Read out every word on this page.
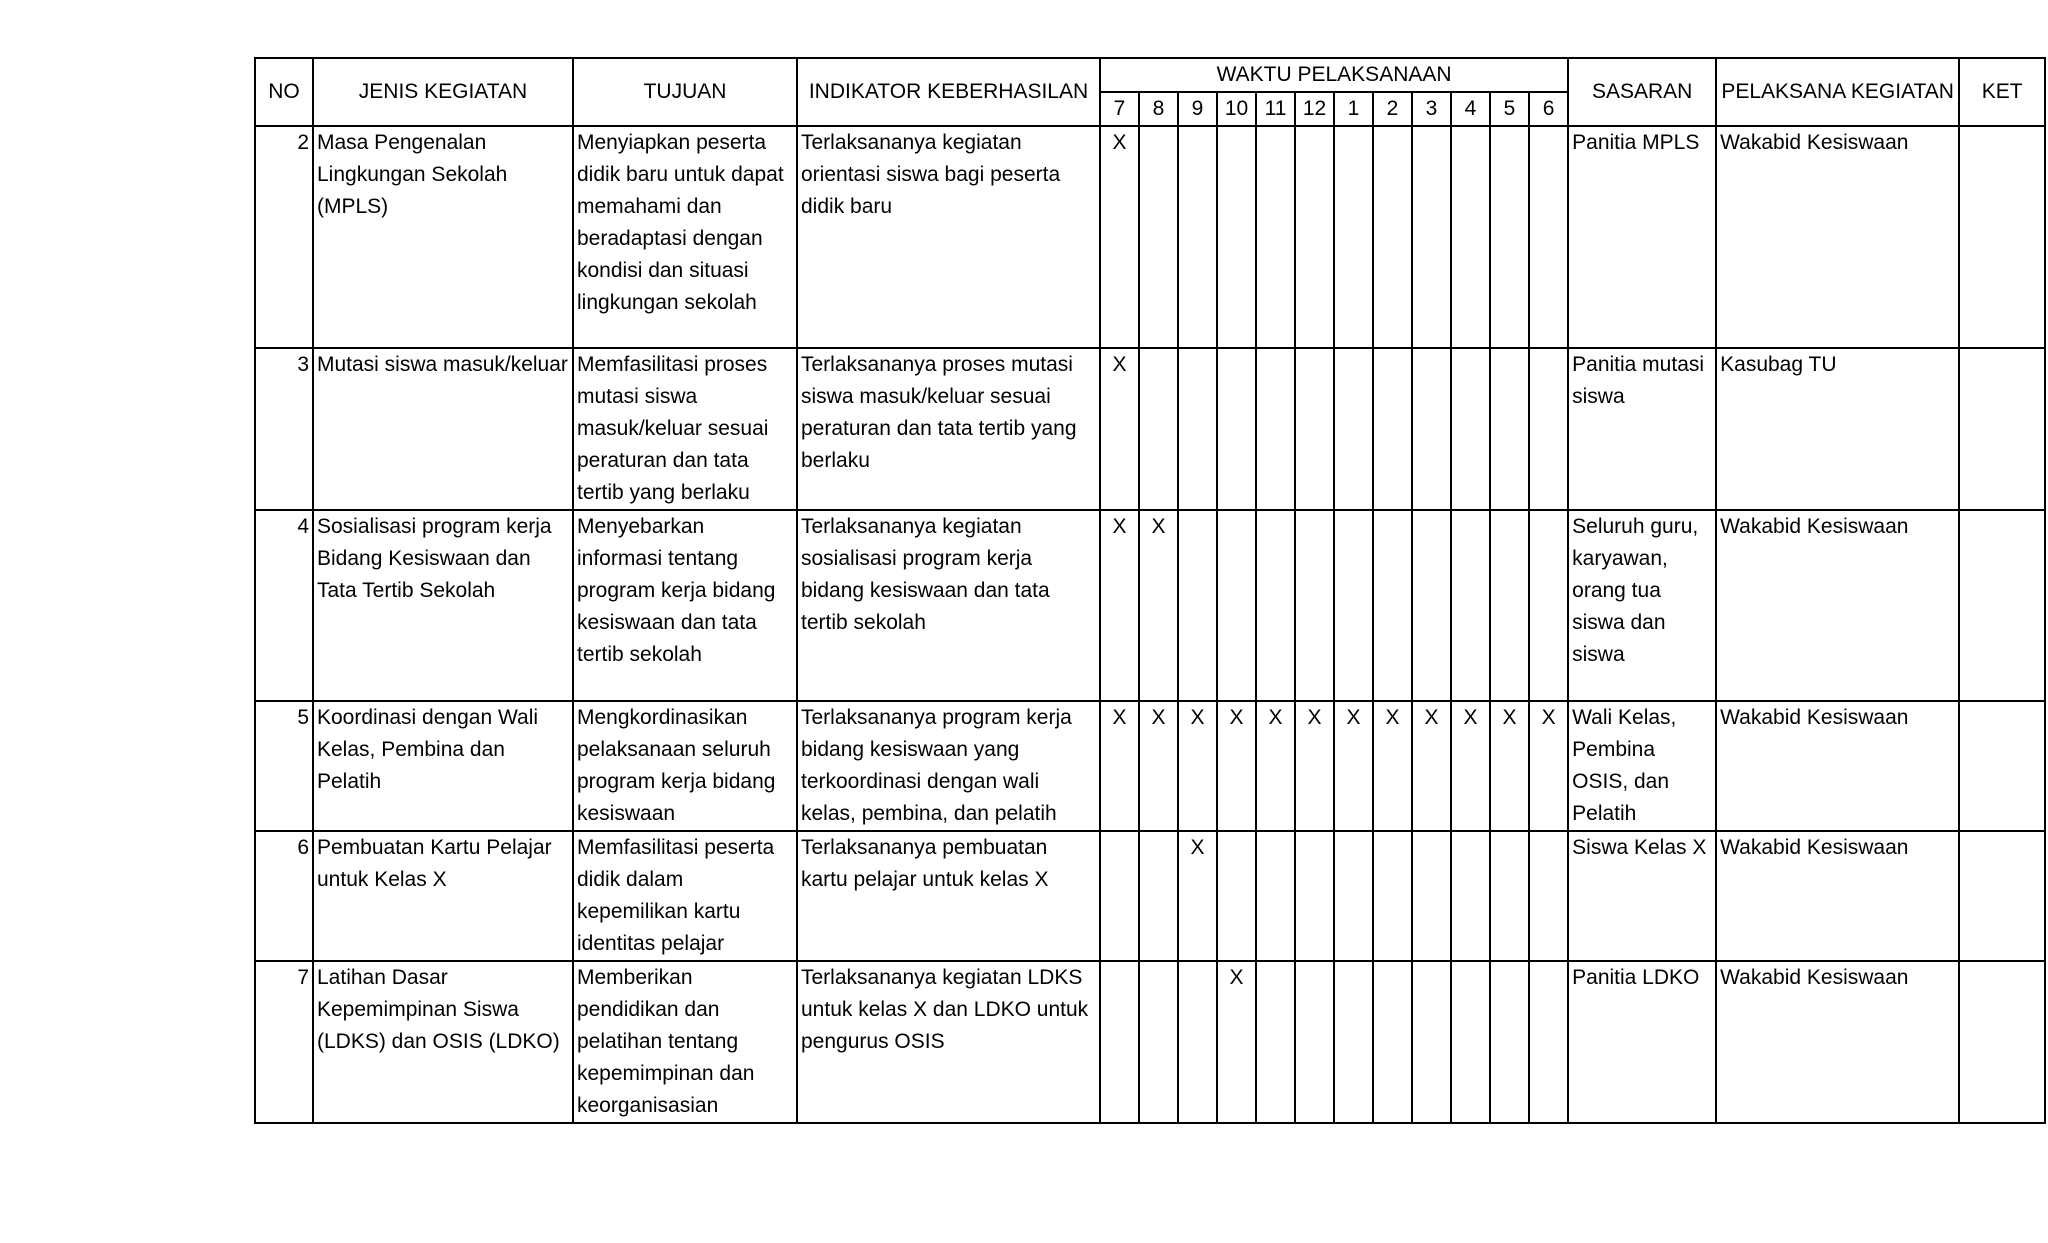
NO	JENIS KEGIATAN	TUJUAN	INDIKATOR KEBERHASILAN	WAKTU PELAKSANAAN												SASARAN	PELAKSANA KEGIATAN	KET
				7	8	9	10	11	12	1	2	3	4	5	6			
2	Masa Pengenalan Lingkungan Sekolah (MPLS)	Menyiapkan peserta didik baru untuk dapat memahami dan beradaptasi dengan kondisi dan situasi lingkungan sekolah	Terlaksananya kegiatan orientasi siswa bagi peserta didik baru	X												Panitia MPLS	Wakabid Kesiswaan	
3	Mutasi siswa masuk/keluar	Memfasilitasi proses mutasi siswa masuk/keluar sesuai peraturan dan tata tertib yang berlaku	Terlaksananya proses mutasi siswa masuk/keluar sesuai peraturan dan tata tertib yang berlaku	X												Panitia mutasi siswa	Kasubag TU	
4	Sosialisasi program kerja Bidang Kesiswaan dan Tata Tertib Sekolah	Menyebarkan informasi tentang program kerja bidang kesiswaan dan tata tertib sekolah	Terlaksananya kegiatan sosialisasi program kerja bidang kesiswaan dan tata tertib sekolah	X	X											Seluruh guru, karyawan, orang tua siswa dan siswa	Wakabid Kesiswaan	
5	Koordinasi dengan Wali Kelas, Pembina dan Pelatih	Mengkordinasikan pelaksanaan seluruh program kerja bidang kesiswaan	Terlaksananya program kerja bidang kesiswaan yang terkoordinasi dengan wali kelas, pembina, dan pelatih	X	X	X	X	X	X	X	X	X	X	X	X	Wali Kelas, Pembina OSIS, dan Pelatih	Wakabid Kesiswaan	
6	Pembuatan Kartu Pelajar untuk Kelas X	Memfasilitasi peserta didik dalam kepemilikan kartu identitas pelajar	Terlaksananya pembuatan kartu pelajar untuk kelas X			X										Siswa Kelas X	Wakabid Kesiswaan	
7	Latihan Dasar Kepemimpinan Siswa (LDKS) dan OSIS (LDKO)	Memberikan pendidikan dan pelatihan tentang kepemimpinan dan keorganisasian	Terlaksananya kegiatan LDKS untuk kelas X dan LDKO untuk pengurus OSIS				X									Panitia LDKO	Wakabid Kesiswaan	
